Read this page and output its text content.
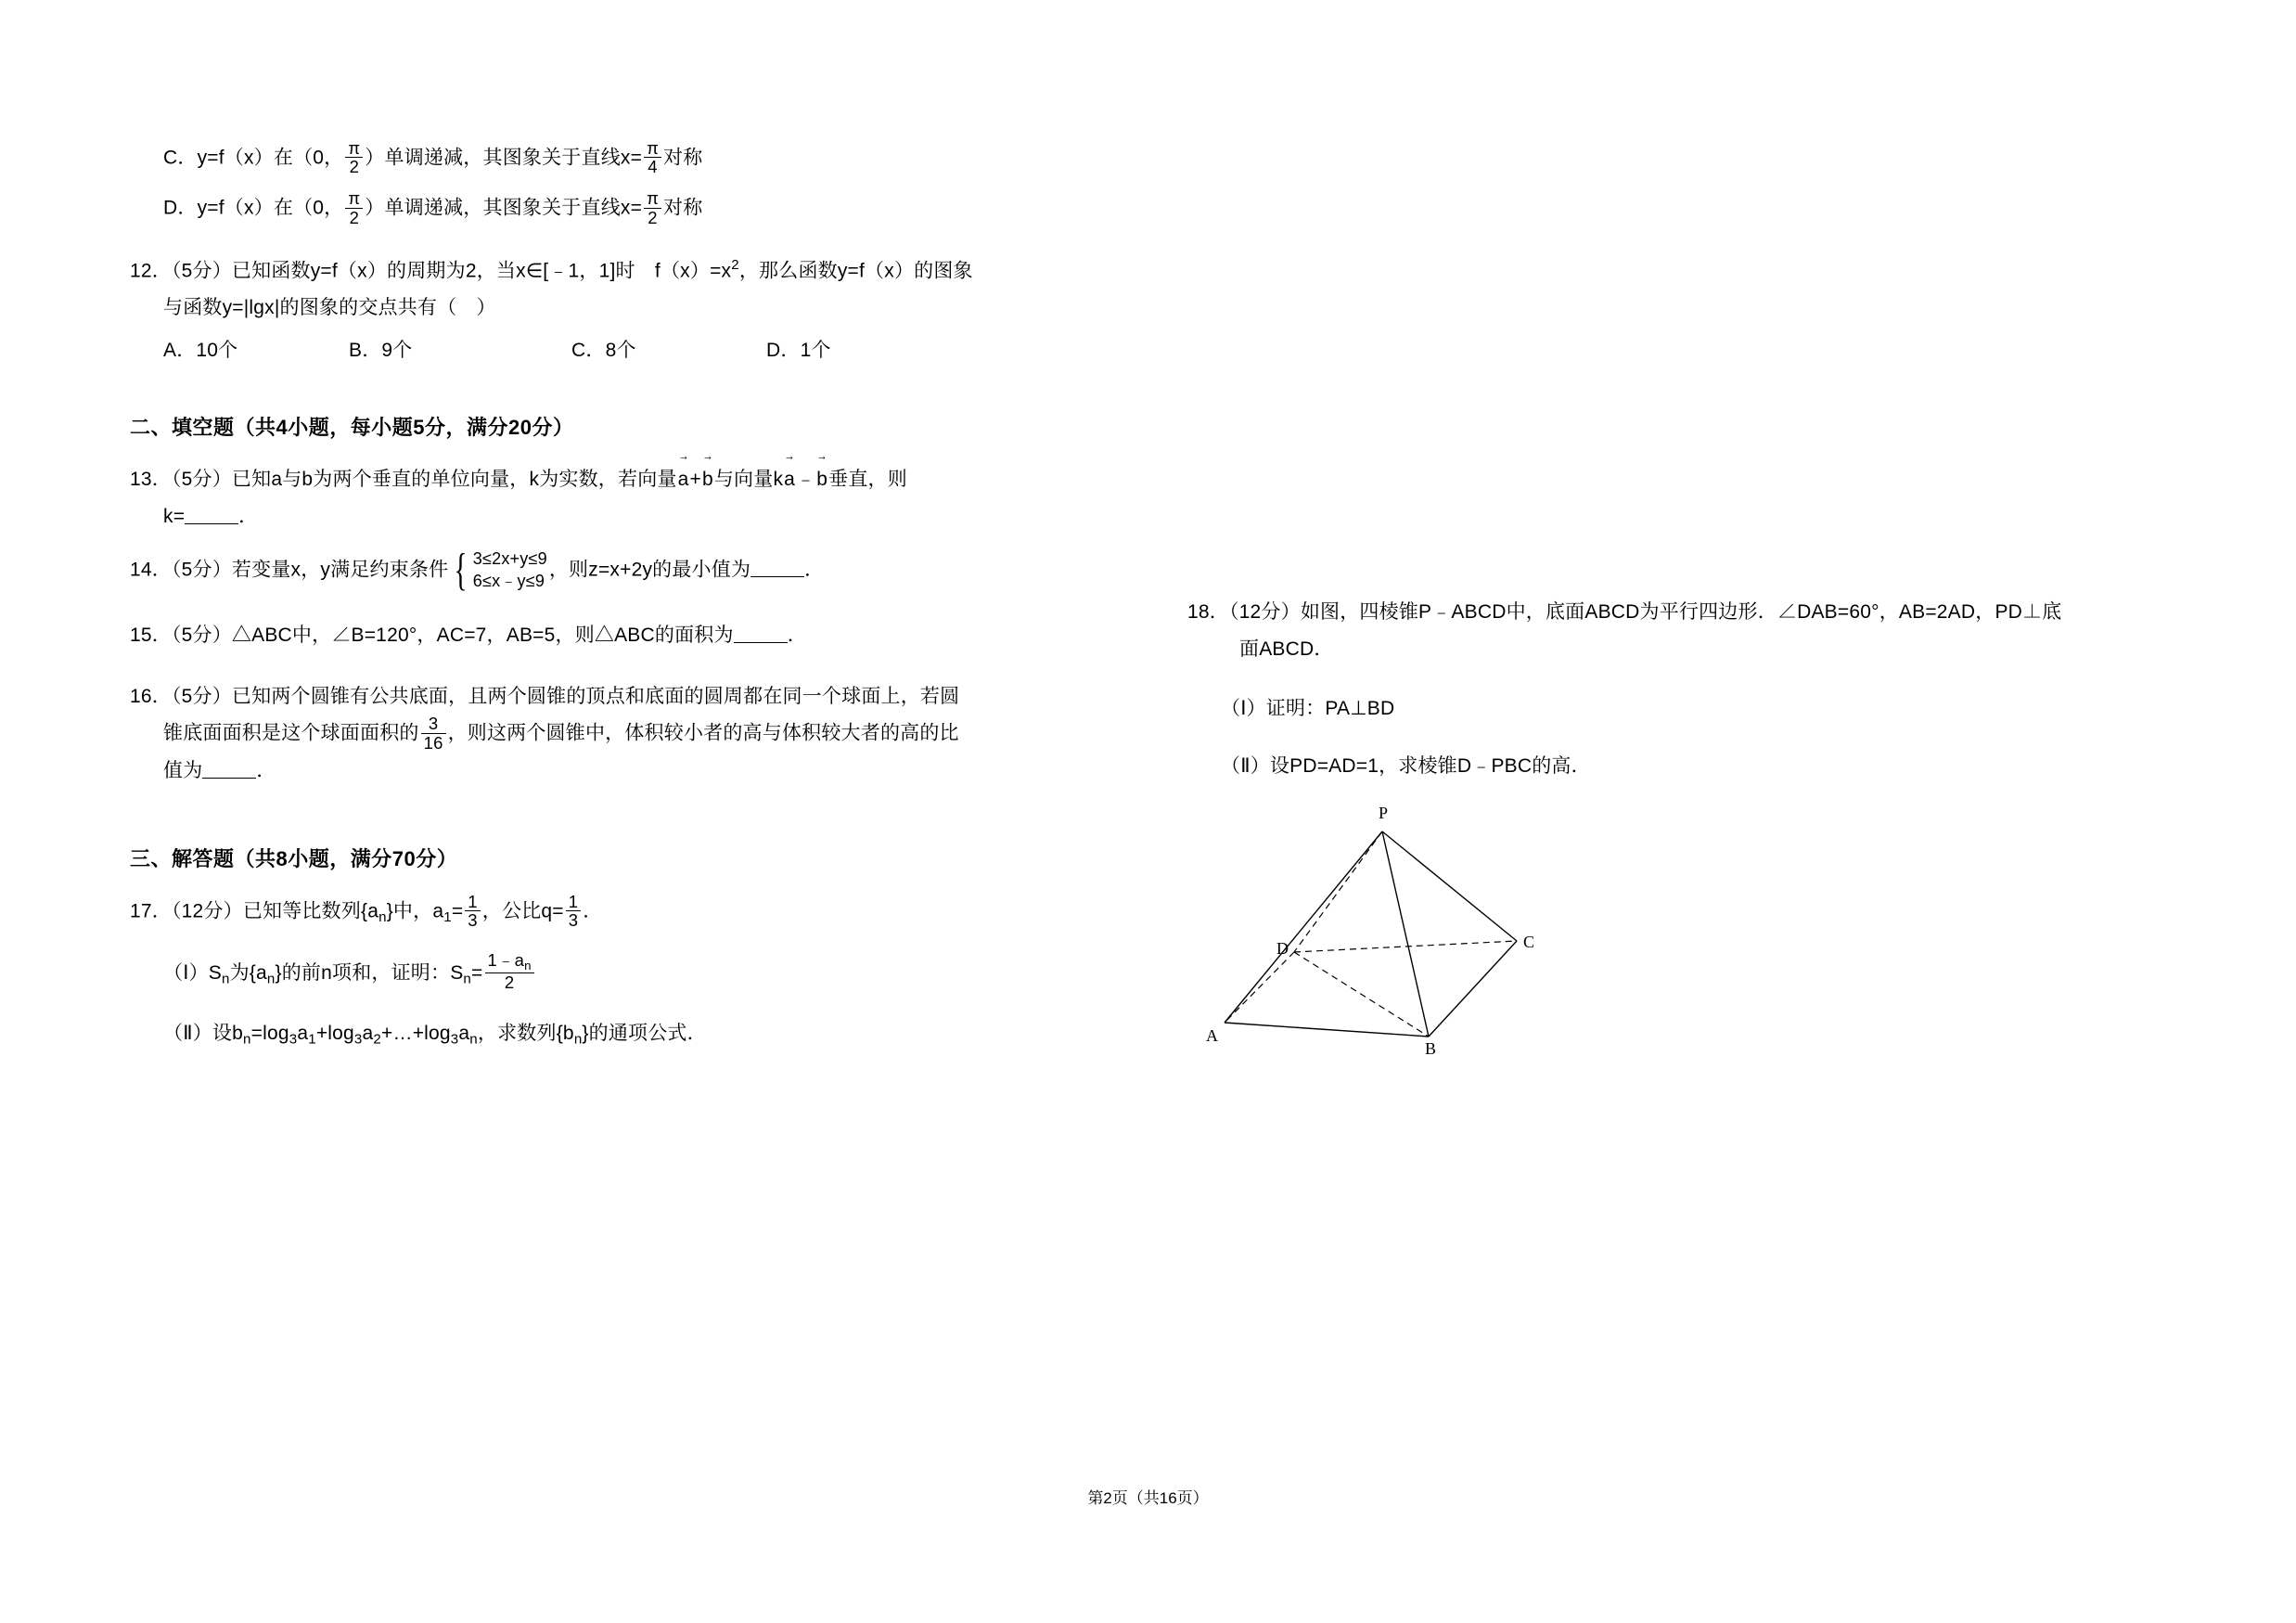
C．y=f（x）在（0， $\frac{\pi}{2}$ ）单调递减，其图象关于直线$x= \frac{\pi}{4}$ 对称
D．y=f（x）在（0， $\frac{\pi}{2}$ ）单调递减，其图象关于直线$x= \frac{\pi}{2}$ 对称
12．（5分）已知函数y=f（x）的周期为2，当x∈[﹣1，1]时　$f(x)=x^2$，那么函数y=f（x）的图象
与函数y=|lgx|的图象的交点共有（　）
A．10个	B．9个	C．8个	D．1个
二、填空题（共4小题，每小题5分，满分20分）
13．（5分）已知a与b为两个垂直的单位向量，k为实数，若向量→ a+→ b与向量k→ a﹣→ b垂直，则
k=	．
14．（5分）若变量x，y满足约束条件 { 3≤2x+y≤9
6≤x﹣y≤9
，则z=x+2y的最小值为	．
15．（5分）△ABC中，∠B=120°，AC=7，AB=5，则△ABC的面积为	．
16．（5分）已知两个圆锥有公共底面，且两个圆锥的顶点和底面的圆周都在同一个球面上，若圆
锥底面面积是这个球面面积的 $\frac{3}{16}$ ，则这两个圆锥中，体积较小者的高与体积较大者的高的比
值为	．
三、解答题（共8小题，满分70分）
17．（12分）已知等比数列$\{a_n\}$中，$a_1= \frac{1}{3}$ ，公比$q= \frac{1}{3}$ ．
$(Ⅰ)S_n$为$\{a_n\}$的前n项和，证明：$S_n= \frac{1﹣a_n}{2}$
（Ⅱ）设$b_n=\log_3a_1+\log_3a_2+\dots+\log_3a_n$，求数列$\{b_n\}$的通项公式．
18．（12分）如图，四棱锥P﹣ABCD中，底面ABCD为平行四边形．∠DAB=60°，AB=2AD，PD⊥底
面ABCD．
（Ⅰ）证明：PA⊥BD
（Ⅱ）设PD=AD=1，求棱锥D﹣PBC的高．
P
D	C
A
B
第2页（共16页）
